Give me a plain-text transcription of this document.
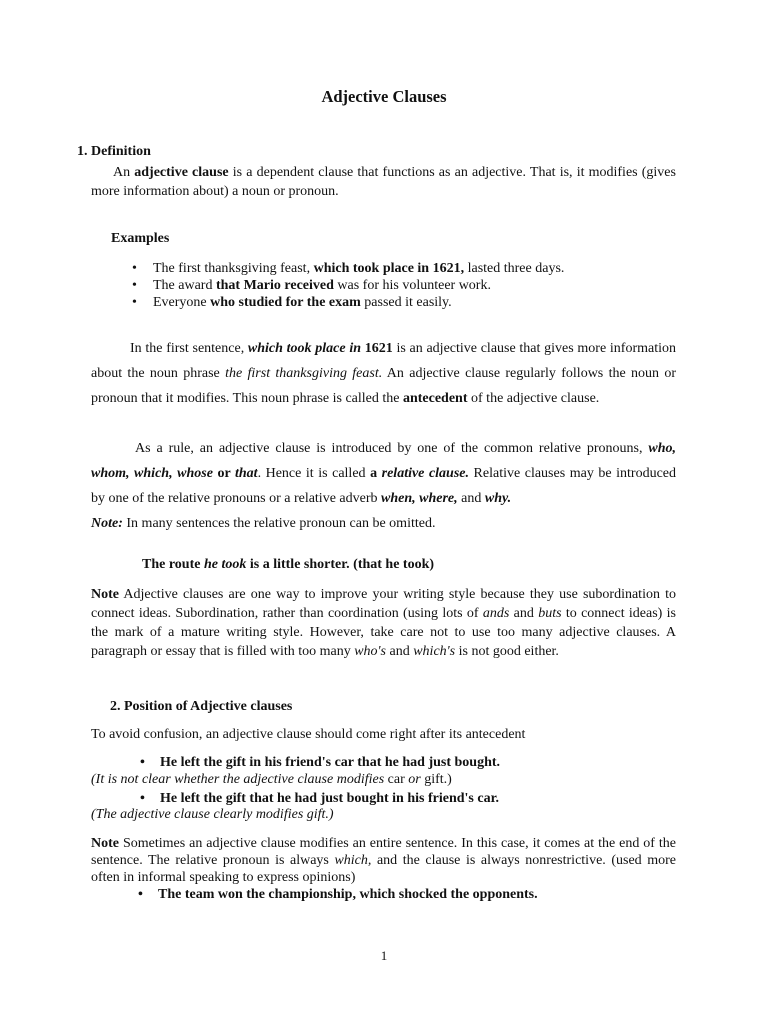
Adjective Clauses
1. Definition

An adjective clause is a dependent clause that functions as an adjective. That is, it modifies (gives more information about) a noun or pronoun.

Examples
• The first thanksgiving feast, which took place in 1621, lasted three days.
• The award that Mario received was for his volunteer work.
• Everyone who studied for the exam passed it easily.

In the first sentence, which took place in 1621 is an adjective clause that gives more information about the noun phrase the first thanksgiving feast. An adjective clause regularly follows the noun or pronoun that it modifies. This noun phrase is called the antecedent of the adjective clause.

As a rule, an adjective clause is introduced by one of the common relative pronouns, who, whom, which, whose or that. Hence it is called a relative clause. Relative clauses may be introduced by one of the relative pronouns or a relative adverb when, where, and why.
Note: In many sentences the relative pronoun can be omitted.

The route he took is a little shorter. (that he took)

Note Adjective clauses are one way to improve your writing style because they use subordination to connect ideas. Subordination, rather than coordination (using lots of ands and buts to connect ideas) is the mark of a mature writing style. However, take care not to use too many adjective clauses. A paragraph or essay that is filled with too many who's and which's is not good either.

2. Position of Adjective clauses
To avoid confusion, an adjective clause should come right after its antecedent
• He left the gift in his friend's car that he had just bought.
(It is not clear whether the adjective clause modifies car or gift.)
• He left the gift that he had just bought in his friend's car.
(The adjective clause clearly modifies gift.)

Note Sometimes an adjective clause modifies an entire sentence. In this case, it comes at the end of the sentence. The relative pronoun is always which, and the clause is always nonrestrictive. (used more often in informal speaking to express opinions)

• The team won the championship, which shocked the opponents.
1
